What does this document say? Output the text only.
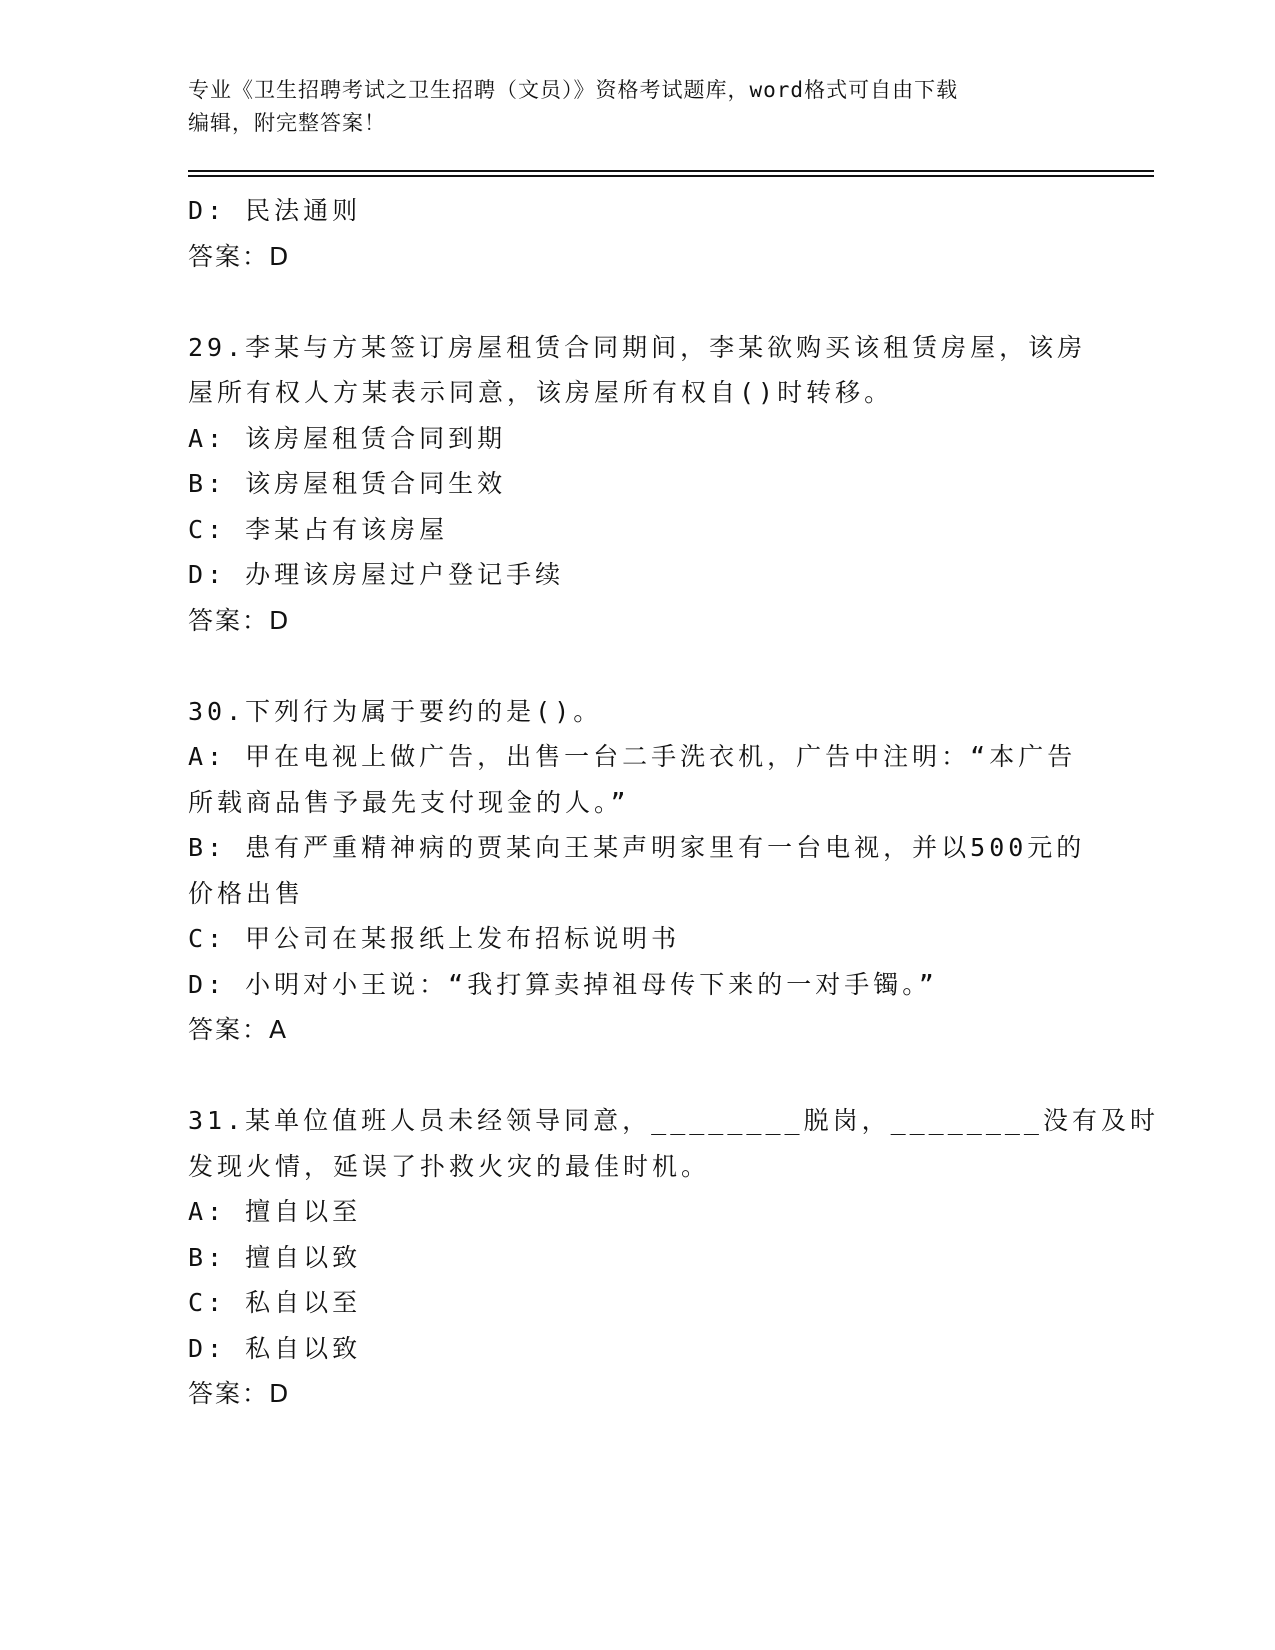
专业《卫生招聘考试之卫生招聘（文员）》资格考试题库，word格式可自由下载
编辑，附完整答案！
D: 民法通则
答案：D
29.李某与方某签订房屋租赁合同期间，李某欲购买该租赁房屋，该房
屋所有权人方某表示同意，该房屋所有权自()时转移。
A: 该房屋租赁合同到期
B: 该房屋租赁合同生效
C: 李某占有该房屋
D: 办理该房屋过户登记手续
答案：D
30.下列行为属于要约的是()。
A: 甲在电视上做广告，出售一台二手洗衣机，广告中注明：“本广告
所载商品售予最先支付现金的人。”
B: 患有严重精神病的贾某向王某声明家里有一台电视，并以500元的
价格出售
C: 甲公司在某报纸上发布招标说明书
D: 小明对小王说：“我打算卖掉祖母传下来的一对手镯。”
答案：A
31.某单位值班人员未经领导同意，________脱岗，________没有及时
发现火情，延误了扑救火灾的最佳时机。
A: 擅自以至
B: 擅自以致
C: 私自以至
D: 私自以致
答案：D
